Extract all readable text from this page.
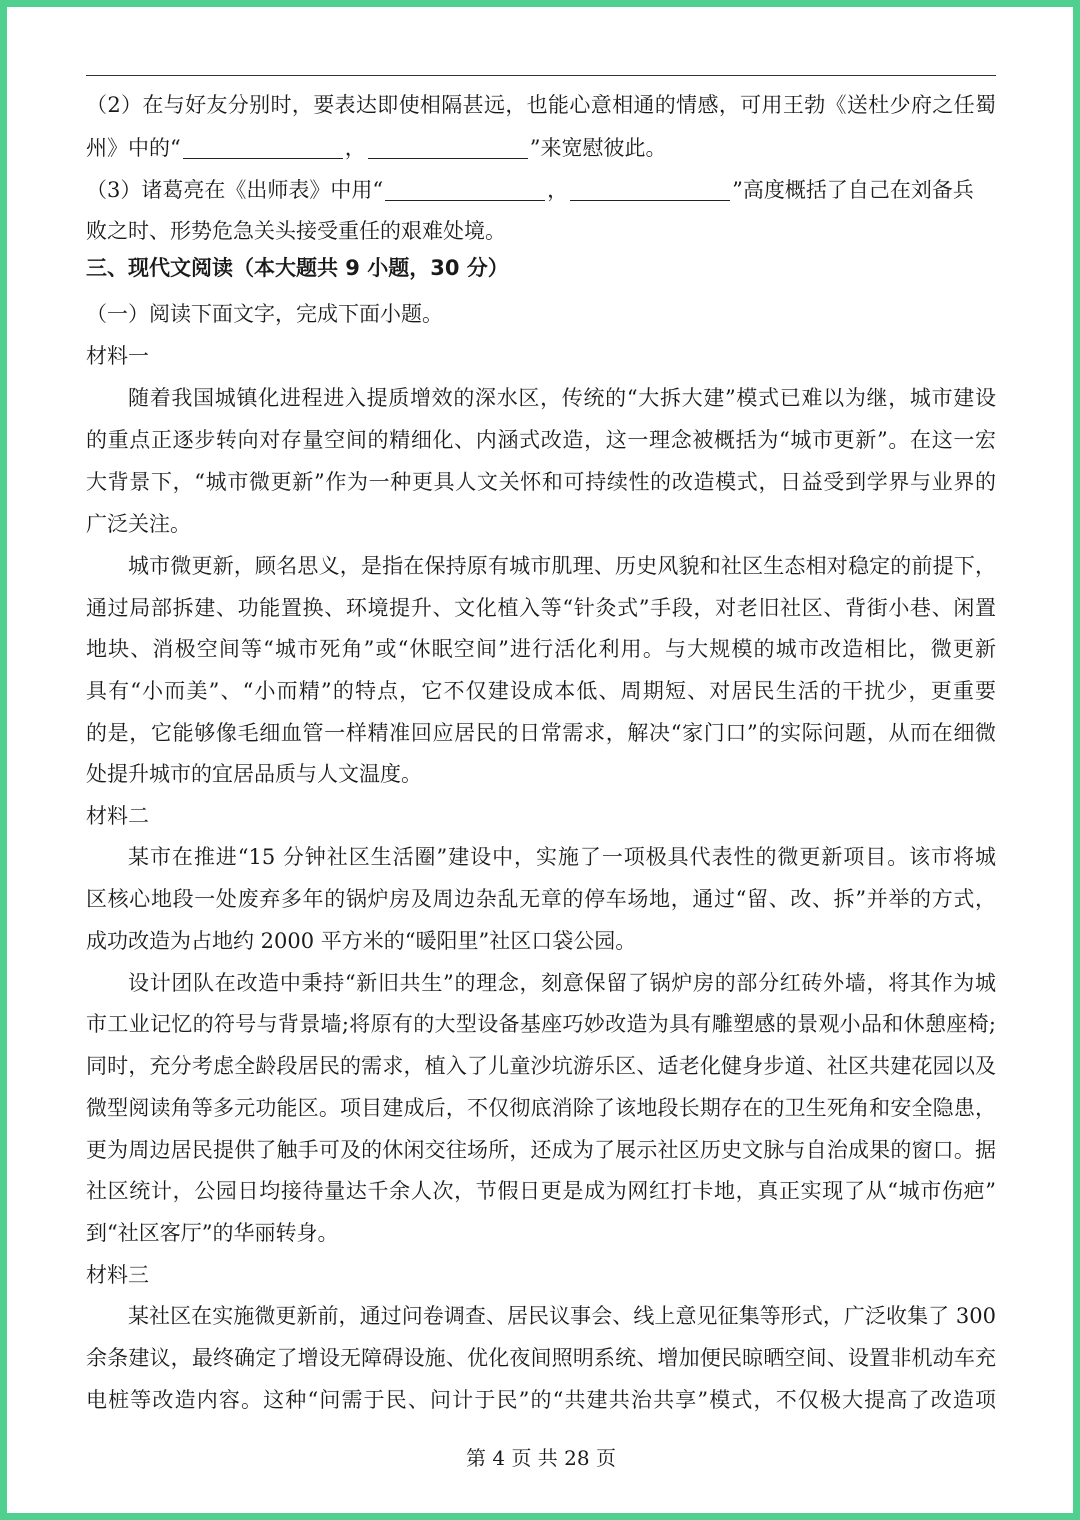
（2）在与好友分别时，要表达即使相隔甚远，也能心意相通的情感，可用王勃《送杜少府之任蜀
州》中的“	，	”来宽慰彼此。
（3）诸葛亮在《出师表》中用“	，	”高度概括了自己在刘备兵
败之时、形势危急关头接受重任的艰难处境。
三、现代文阅读（本大题共 9 小题，30 分）
（一）阅读下面文字，完成下面小题。
材料一
随着我国城镇化进程进入提质增效的深水区，传统的“大拆大建”模式已难以为继，城市建设
的重点正逐步转向对存量空间的精细化、内涵式改造，这一理念被概括为“城市更新”。在这一宏
大背景下，“城市微更新”作为一种更具人文关怀和可持续性的改造模式，日益受到学界与业界的
广泛关注。
城市微更新，顾名思义，是指在保持原有城市肌理、历史风貌和社区生态相对稳定的前提下，
通过局部拆建、功能置换、环境提升、文化植入等“针灸式”手段，对老旧社区、背街小巷、闲置
地块、消极空间等“城市死角”或“休眠空间”进行活化利用。与大规模的城市改造相比，微更新
具有“小而美”、“小而精”的特点，它不仅建设成本低、周期短、对居民生活的干扰少，更重要
的是，它能够像毛细血管一样精准回应居民的日常需求，解决“家门口”的实际问题，从而在细微
处提升城市的宜居品质与人文温度。
材料二
某市在推进“15 分钟社区生活圈”建设中，实施了一项极具代表性的微更新项目。该市将城
区核心地段一处废弃多年的锅炉房及周边杂乱无章的停车场地，通过“留、改、拆”并举的方式，
成功改造为占地约 2000 平方米的“暖阳里”社区口袋公园。
设计团队在改造中秉持“新旧共生”的理念，刻意保留了锅炉房的部分红砖外墙，将其作为城
市工业记忆的符号与背景墙;将原有的大型设备基座巧妙改造为具有雕塑感的景观小品和休憩座椅;
同时，充分考虑全龄段居民的需求，植入了儿童沙坑游乐区、适老化健身步道、社区共建花园以及
微型阅读角等多元功能区。项目建成后，不仅彻底消除了该地段长期存在的卫生死角和安全隐患，
更为周边居民提供了触手可及的休闲交往场所，还成为了展示社区历史文脉与自治成果的窗口。据
社区统计，公园日均接待量达千余人次，节假日更是成为网红打卡地，真正实现了从“城市伤疤”
到“社区客厅”的华丽转身。
材料三
某社区在实施微更新前，通过问卷调查、居民议事会、线上意见征集等形式，广泛收集了 300
余条建议，最终确定了增设无障碍设施、优化夜间照明系统、增加便民晾晒空间、设置非机动车充
电桩等改造内容。这种“问需于民、问计于民”的“共建共治共享”模式，不仅极大提高了改造项
第 4 页 共 28 页
